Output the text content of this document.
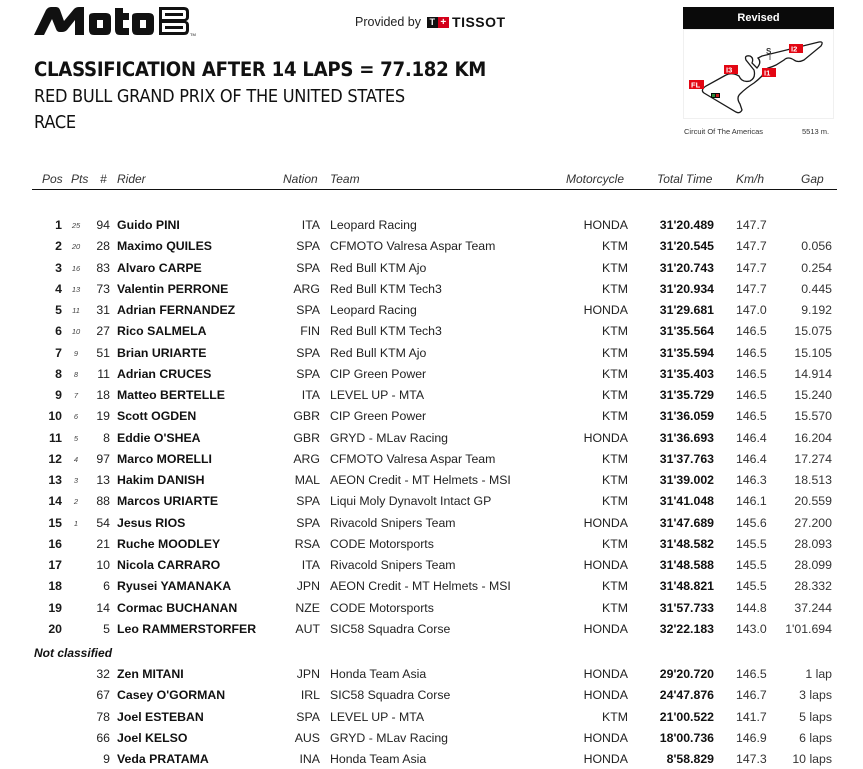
TM
Provided by T + TISSOT
CLASSIFICATION AFTER 14 LAPS = 77.182 KM
RED BULL GRAND PRIX OF THE UNITED STATES
RACE
Revised
S	I2
I1
I3
FL
Circuit Of The Americas	5513 m.
Pos Pts # Rider	Nation Team	Motorcycle	Total Time Km/h	Gap
1 25 94 Guido PINI	ITA Leopard Racing	HONDA	31'20.489 147.7
2 20 28 Maximo QUILES	SPA CFMOTO Valresa Aspar Team	KTM	31'20.545 147.7	0.056
3 16 83 Alvaro CARPE	SPA Red Bull KTM Ajo	KTM	31'20.743 147.7	0.254
4 13 73 Valentin PERRONE	ARG Red Bull KTM Tech3	KTM	31'20.934 147.7	0.445
5 11 31 Adrian FERNANDEZ	SPA Leopard Racing	HONDA	31'29.681 147.0	9.192
6 10 27 Rico SALMELA	FIN Red Bull KTM Tech3	KTM	31'35.564 146.5 15.075
7	9	51 Brian URIARTE	SPA Red Bull KTM Ajo	KTM	31'35.594 146.5 15.105
8	8	11 Adrian CRUCES	SPA CIP Green Power	KTM	31'35.403 146.5 14.914
9	7	18 Matteo BERTELLE	ITA LEVEL UP - MTA	KTM	31'35.729 146.5 15.240
10	6	19 Scott OGDEN	GBR CIP Green Power	KTM	31'36.059 146.5 15.570
11	5	8 Eddie O'SHEA	GBR GRYD - MLav Racing	HONDA	31'36.693 146.4 16.204
12	4	97 Marco MORELLI	ARG CFMOTO Valresa Aspar Team	KTM	31'37.763 146.4 17.274
13	3	13 Hakim DANISH	MAL AEON Credit - MT Helmets - MSI	KTM	31'39.002 146.3 18.513
14	2	88 Marcos URIARTE	SPA Liqui Moly Dynavolt Intact GP	KTM	31'41.048 146.1 20.559
15	1	54 Jesus RIOS	SPA Rivacold Snipers Team	HONDA	31'47.689 145.6 27.200
16	21 Ruche MOODLEY	RSA CODE Motorsports	KTM	31'48.582 145.5 28.093
17	10 Nicola CARRARO	ITA Rivacold Snipers Team	HONDA	31'48.588 145.5 28.099
18	6 Ryusei YAMANAKA	JPN AEON Credit - MT Helmets - MSI	KTM	31'48.821 145.5 28.332
19	14 Cormac BUCHANAN	NZE CODE Motorsports	KTM	31'57.733 144.8 37.244
20	5 Leo RAMMERSTORFER	AUT SIC58 Squadra Corse	HONDA	32'22.183 143.0 1'01.694
32 Zen MITANI	JPN Honda Team Asia	HONDA	29'20.720 146.5	1 lap
67 Casey O'GORMAN	IRL SIC58 Squadra Corse	HONDA	24'47.876 146.7	3 laps
78 Joel ESTEBAN	SPA LEVEL UP - MTA	KTM	21'00.522 141.7	5 laps
66 Joel KELSO	AUS GRYD - MLav Racing	HONDA	18'00.736 146.9	6 laps
9 Veda PRATAMA	INA Honda Team Asia	HONDA	8'58.829 147.3 10 laps
Not classified
